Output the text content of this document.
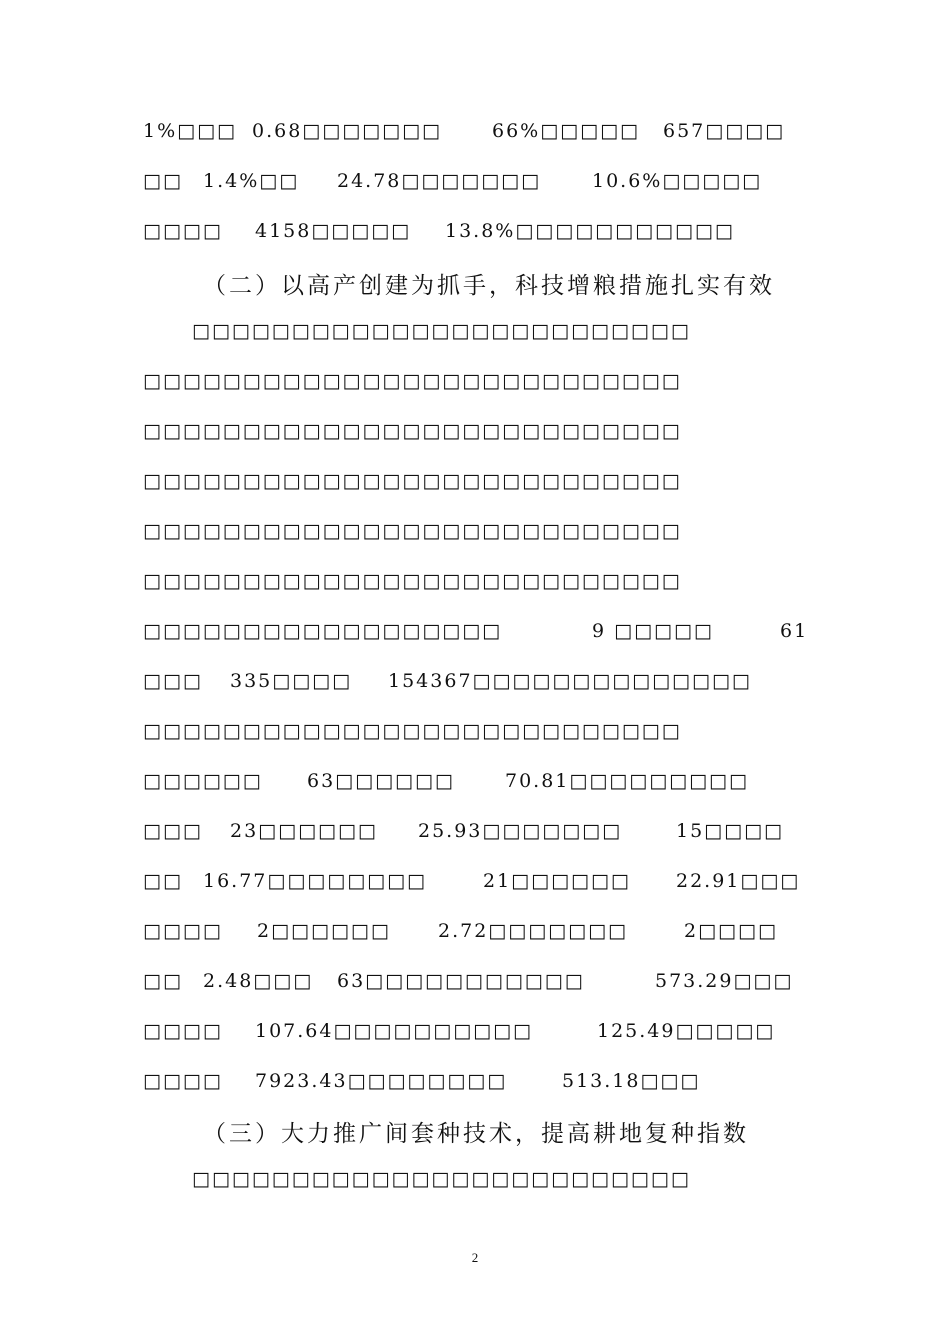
1%□□□ 0.68□□□□□□□	66%□□□□□ 657□□□□
□□ 1.4%□□ 24.78□□□□□□□	10.6%□□□□□
□□□□ 4158□□□□□ 13.8%□□□□□□□□□□□
（二）以高产创建为抓手，科技增粮措施扎实有效
□□□□□□□□□□□□□□□□□□□□□□□□□
□□□□□□□□□□□□□□□□□□□□□□□□□□□
□□□□□□□□□□□□□□□□□□□□□□□□□□□
□□□□□□□□□□□□□□□□□□□□□□□□□□□
□□□□□□□□□□□□□□□□□□□□□□□□□□□
□□□□□□□□□□□□□□□□□□□□□□□□□□□
□□□□□□□□□□□□□□□□□□	9 □□□□□	61
□□□ 335□□□□ 154367□□□□□□□□□□□□□□
□□□□□□□□□□□□□□□□□□□□□□□□□□□
□□□□□□ 63□□□□□□	70.81□□□□□□□□□
□□□ 23□□□□□□ 25.93□□□□□□□	15□□□□
□□ 16.77□□□□□□□□	21□□□□□□ 22.91□□□
□□□□ 2□□□□□□ 2.72□□□□□□□	2□□□□
□□ 2.48□□□ 63□□□□□□□□□□□	573.29□□□
□□□□ 107.64□□□□□□□□□□	125.49□□□□□
□□□□ 7923.43□□□□□□□□	513.18□□□
（三）大力推广间套种技术，提高耕地复种指数
□□□□□□□□□□□□□□□□□□□□□□□□□
2
